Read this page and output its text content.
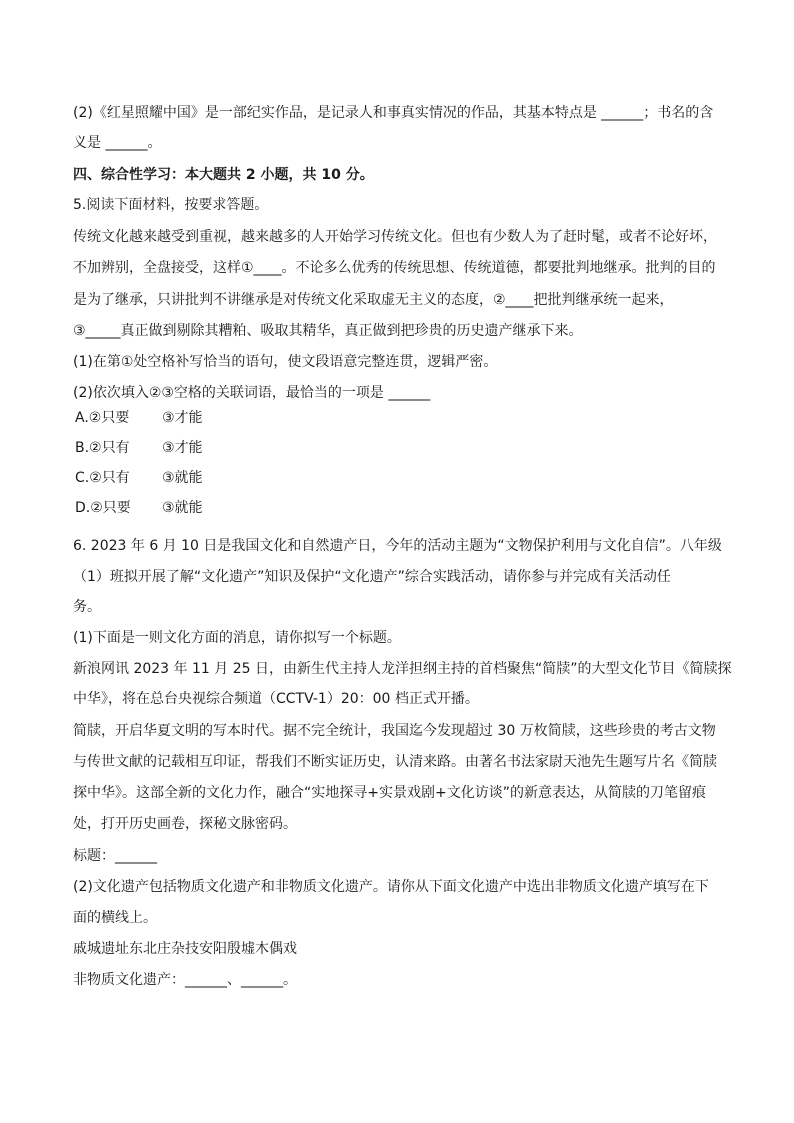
(2)《红星照耀中国》是一部纪实作品，是记录人和事真实情况的作品，其基本特点是 ______；书名的含
义是 ______。
四、综合性学习：本大题共 2 小题，共 10 分。
5.阅读下面材料，按要求答题。
传统文化越来越受到重视，越来越多的人开始学习传统文化。但也有少数人为了赶时髦，或者不论好坏，
不加辨别，全盘接受，这样①____。不论多么优秀的传统思想、传统道德，都要批判地继承。批判的目的
是为了继承，只讲批判不讲继承是对传统文化采取虚无主义的态度，②____把批判继承统一起来，
③_____真正做到剔除其糟粕、吸取其精华，真正做到把珍贵的历史遗产继承下来。
(1)在第①处空格补写恰当的语句，使文段语意完整连贯，逻辑严密。
(2)依次填入②③空格的关联词语，最恰当的一项是 ______
A.②只要 ③才能
B.②只有 ③才能
C.②只有 ③就能
D.②只要 ③就能
6. 2023 年 6 月 10 日是我国文化和自然遗产日，今年的活动主题为“文物保护利用与文化自信”。八年级
（1）班拟开展了解“文化遗产”知识及保护“文化遗产”综合实践活动，请你参与并完成有关活动任
务。
(1)下面是一则文化方面的消息，请你拟写一个标题。
新浪网讯 2023 年 11 月 25 日，由新生代主持人龙洋担纲主持的首档聚焦“简牍”的大型文化节目《简牍探
中华》，将在总台央视综合频道（CCTV-1）20：00 档正式开播。
简牍，开启华夏文明的写本时代。据不完全统计，我国迄今发现超过 30 万枚简牍，这些珍贵的考古文物
与传世文献的记载相互印证，帮我们不断实证历史，认清来路。由著名书法家尉天池先生题写片名《简牍
探中华》。这部全新的文化力作，融合“实地探寻+实景戏剧+文化访谈”的新意表达，从简牍的刀笔留痕
处，打开历史画卷，探秘文脉密码。
标题：______
(2)文化遗产包括物质文化遗产和非物质文化遗产。请你从下面文化遗产中选出非物质文化遗产填写在下
面的横线上。
戚城遗址东北庄杂技安阳殷墟木偶戏
非物质文化遗产：______、______。
